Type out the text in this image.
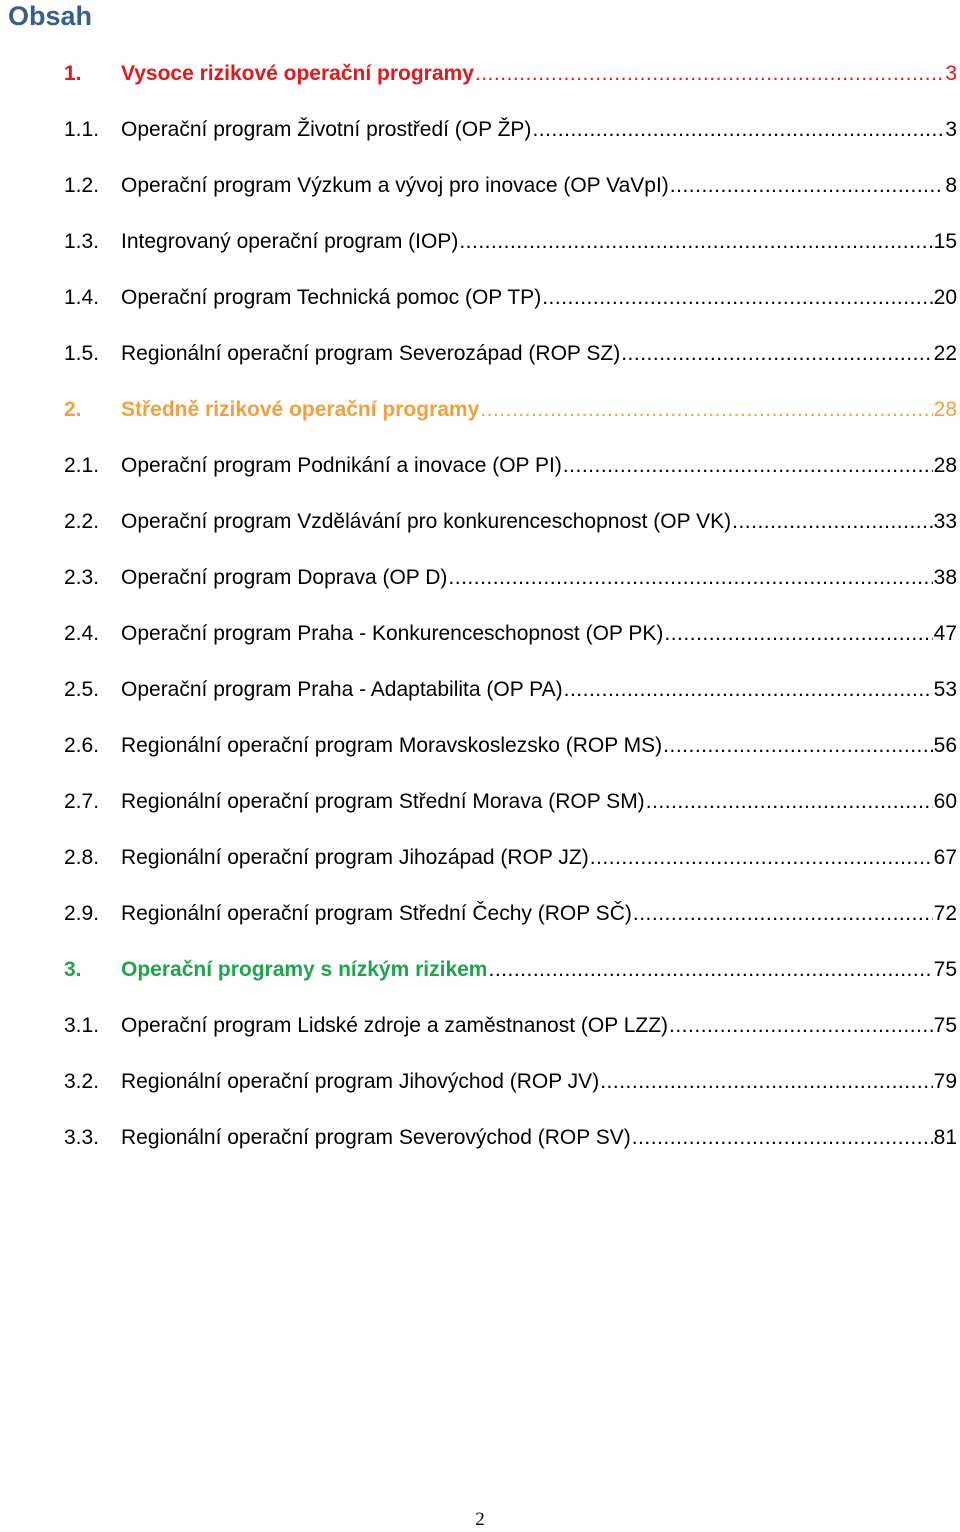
Obsah
1.	Vysoce rizikové operační programy .....	3
1.1.	Operační program Životní prostředí (OP ŽP) .....	3
1.2.	Operační program Výzkum a vývoj pro inovace (OP VaVpI) .....	8
1.3.	Integrovaný operační program (IOP) .....	15
1.4.	Operační program Technická pomoc (OP TP) .....	20
1.5.	Regionální operační program Severozápad (ROP SZ) .....	22
2.	Středně rizikové operační programy .....	28
2.1.	Operační program Podnikání a inovace (OP PI) .....	28
2.2.	Operační program Vzdělávání pro konkurenceschopnost (OP VK) .....	33
2.3.	Operační program Doprava (OP D) .....	38
2.4.	Operační program Praha - Konkurenceschopnost (OP PK) .....	47
2.5.	Operační program Praha - Adaptabilita (OP PA) .....	53
2.6.	Regionální operační program Moravskoslezsko (ROP MS) .....	56
2.7.	Regionální operační program Střední Morava (ROP SM) .....	60
2.8.	Regionální operační program Jihozápad (ROP JZ) .....	67
2.9.	Regionální operační program Střední Čechy (ROP SČ) .....	72
3.	Operační programy s nízkým rizikem .....	75
3.1.	Operační program Lidské zdroje a zaměstnanost (OP LZZ) .....	75
3.2.	Regionální operační program Jihovýchod (ROP JV) .....	79
3.3.	Regionální operační program Severovýchod (ROP SV) .....	81
2
